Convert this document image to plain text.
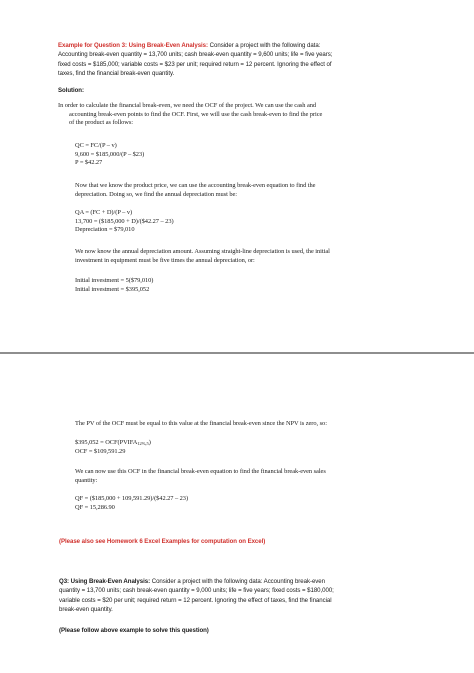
Example for Question 3: Using Break-Even Analysis: Consider a project with the following data:
Accounting break-even quantity = 13,700 units; cash break-even quantity = 9,600 units; life = five years;
fixed costs = $185,000; variable costs = $23 per unit; required return = 12 percent. Ignoring the effect of
taxes, find the financial break-even quantity.
Solution:
In order to calculate the financial break-even, we need the OCF of the project. We can use the cash and
accounting break-even points to find the OCF. First, we will use the cash break-even to find the price
of the product as follows:
QC = FC/(P – v)
9,600 = $185,000/(P – $23)
P = $42.27
Now that we know the product price, we can use the accounting break-even equation to find the
depreciation. Doing so, we find the annual depreciation must be:
QA = (FC + D)/(P – v)
13,700 = ($185,000 + D)/($42.27 – 23)
Depreciation = $79,010
We now know the annual depreciation amount. Assuming straight-line depreciation is used, the initial
investment in equipment must be five times the annual depreciation, or:
Initial investment = 5($79,010)
Initial investment = $395,052
The PV of the OCF must be equal to this value at the financial break-even since the NPV is zero, so:
$395,052 = $OCF(PVIFA_{12\%,5})$
OCF = $109,591.29
We can now use this OCF in the financial break-even equation to find the financial break-even sales
quantity:
QF = ($185,000 + 109,591.29)/($42.27 – 23)
QF = 15,286.90
(Please also see Homework 6 Excel Examples for computation on Excel)
Q3: Using Break-Even Analysis: Consider a project with the following data: Accounting break-even
quantity = 13,700 units; cash break-even quantity = 9,000 units; life = five years; fixed costs = $180,000;
variable costs = $20 per unit; required return = 12 percent. Ignoring the effect of taxes, find the financial
break-even quantity.
(Please follow above example to solve this question)
